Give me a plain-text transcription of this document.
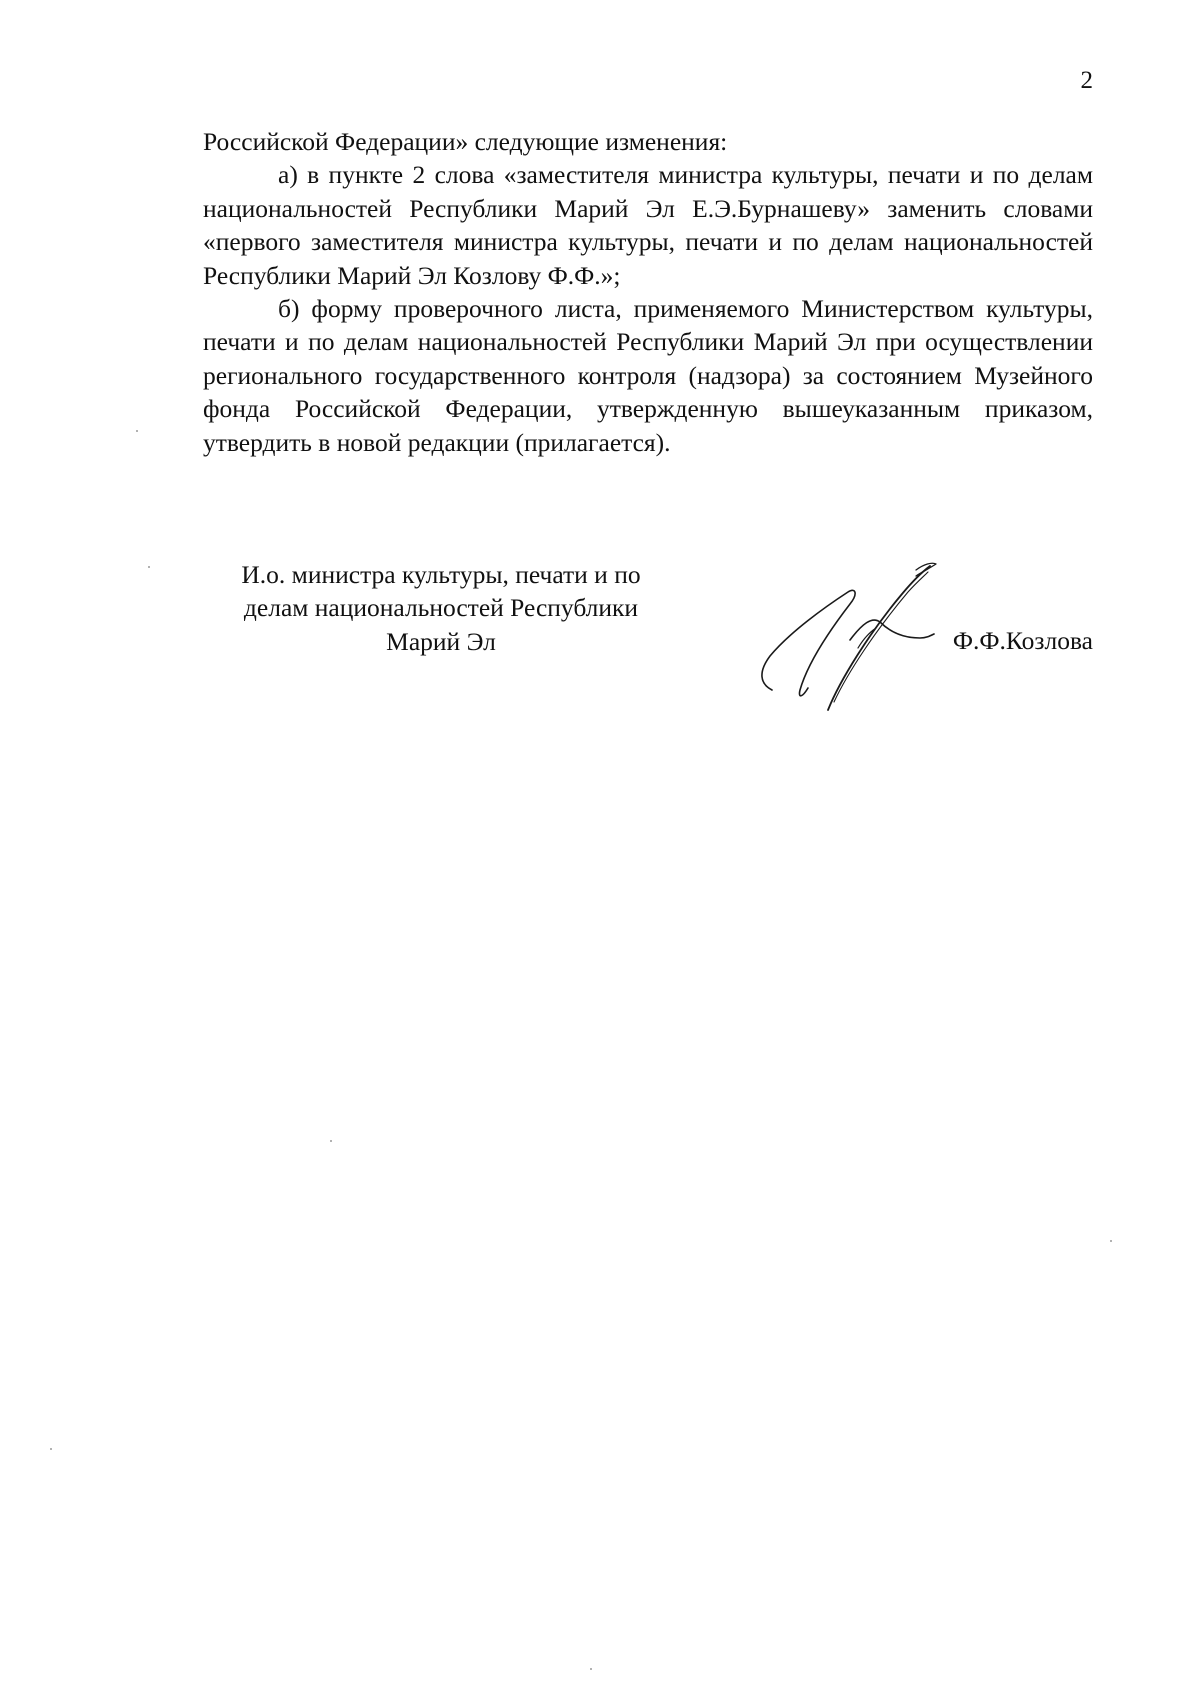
2

Российской Федерации» следующие изменения:

а) в пункте 2 слова «заместителя министра культуры, печати и по делам национальностей Республики Марий Эл Е.Э.Бурнашеву» заменить словами «первого заместителя министра культуры, печати и по делам национальностей Республики Марий Эл Козлову Ф.Ф.»;

б) форму проверочного листа, применяемого Министерством культуры, печати и по делам национальностей Республики Марий Эл при осуществлении регионального государственного контроля (надзора) за состоянием Музейного фонда Российской Федерации, утвержденную вышеуказанным приказом, утвердить в новой редакции (прилагается).

И.о. министра культуры, печати и по
делам национальностей Республики
Марий Эл	Ф.Ф.Козлова
